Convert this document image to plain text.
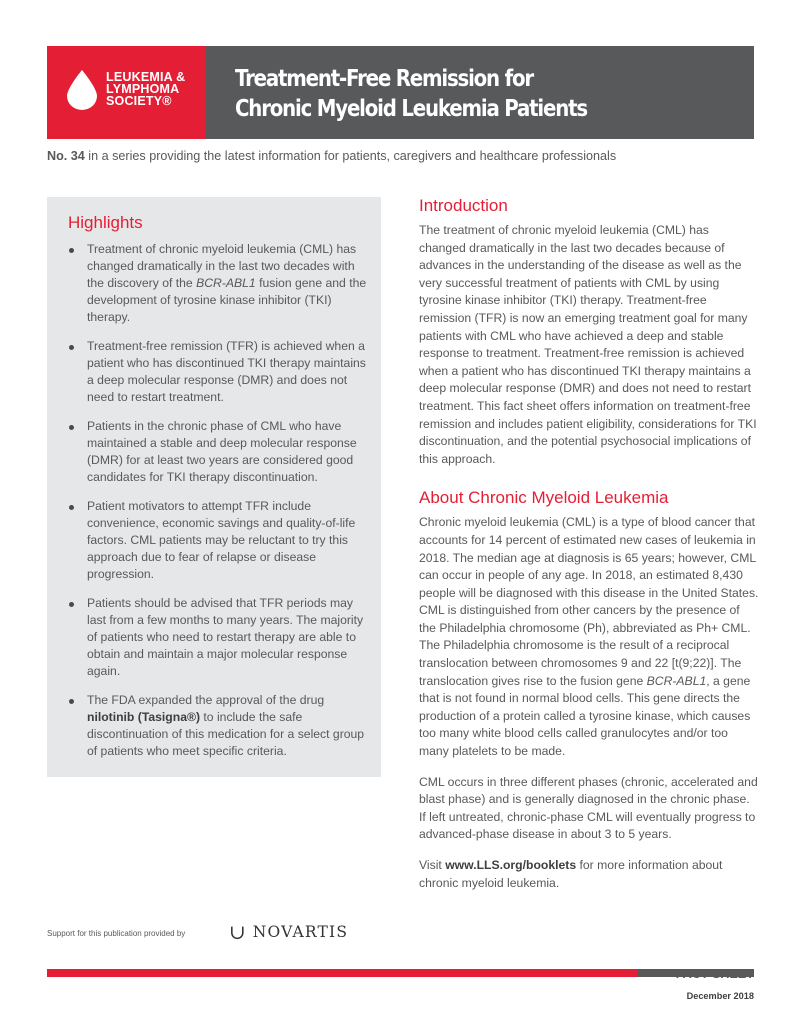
LEUKEMIA &
LYMPHOMA
SOCIETY®
Treatment-Free Remission for
Chronic Myeloid Leukemia Patients
No. 34 in a series providing the latest information for patients, caregivers and healthcare professionals
Highlights
Treatment of chronic myeloid leukemia (CML) has changed dramatically in the last two decades with the discovery of the BCR-ABL1 fusion gene and the development of tyrosine kinase inhibitor (TKI) therapy.
Treatment-free remission (TFR) is achieved when a patient who has discontinued TKI therapy maintains a deep molecular response (DMR) and does not need to restart treatment.
Patients in the chronic phase of CML who have maintained a stable and deep molecular response (DMR) for at least two years are considered good candidates for TKI therapy discontinuation.
Patient motivators to attempt TFR include convenience, economic savings and quality-of-life factors. CML patients may be reluctant to try this approach due to fear of relapse or disease progression.
Patients should be advised that TFR periods may last from a few months to many years. The majority of patients who need to restart therapy are able to obtain and maintain a major molecular response again.
The FDA expanded the approval of the drug nilotinib (Tasigna®) to include the safe discontinuation of this medication for a select group of patients who meet specific criteria.
Introduction

The treatment of chronic myeloid leukemia (CML) has changed dramatically in the last two decades because of advances in the understanding of the disease as well as the very successful treatment of patients with CML by using tyrosine kinase inhibitor (TKI) therapy. Treatment-free remission (TFR) is now an emerging treatment goal for many patients with CML who have achieved a deep and stable response to treatment. Treatment-free remission is achieved when a patient who has discontinued TKI therapy maintains a deep molecular response (DMR) and does not need to restart treatment. This fact sheet offers information on treatment-free remission and includes patient eligibility, considerations for TKI discontinuation, and the potential psychosocial implications of this approach.

About Chronic Myeloid Leukemia

Chronic myeloid leukemia (CML) is a type of blood cancer that accounts for 14 percent of estimated new cases of leukemia in 2018. The median age at diagnosis is 65 years; however, CML can occur in people of any age. In 2018, an estimated 8,430 people will be diagnosed with this disease in the United States. CML is distinguished from other cancers by the presence of the Philadelphia chromosome (Ph), abbreviated as Ph+ CML. The Philadelphia chromosome is the result of a reciprocal translocation between chromosomes 9 and 22 [t(9;22)]. The translocation gives rise to the fusion gene BCR-ABL1, a gene that is not found in normal blood cells. This gene directs the production of a protein called a tyrosine kinase, which causes too many white blood cells called granulocytes and/or too many platelets to be made.

CML occurs in three different phases (chronic, accelerated and blast phase) and is generally diagnosed in the chronic phase. If left untreated, chronic-phase CML will eventually progress to advanced-phase disease in about 3 to 5 years.

Visit www.LLS.org/booklets for more information about chronic myeloid leukemia.

Support for this publication provided by ∪ NOVARTIS
FACT SHEET
December 2018
